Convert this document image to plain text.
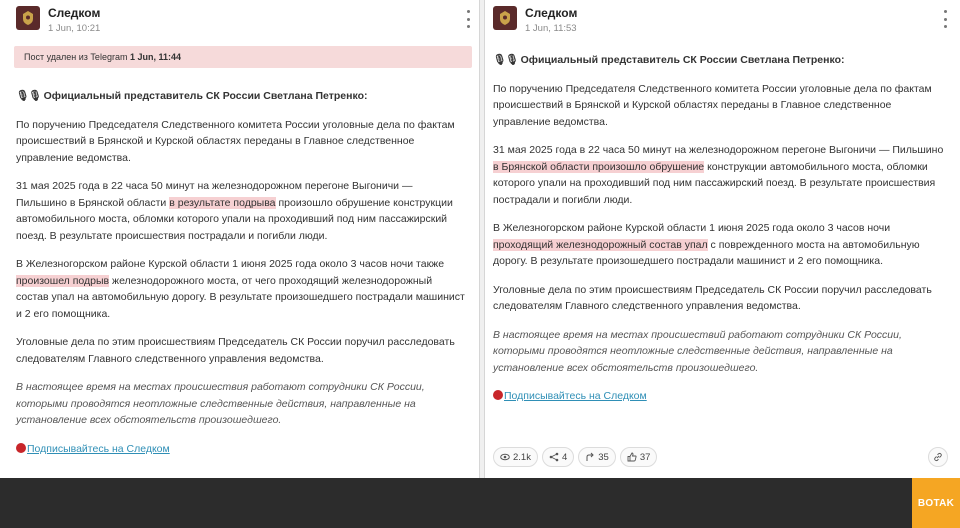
Следком
1 Jun, 10:21
Пост удален из Telegram 1 Jun, 11:44

🎙🎙 Официальный представитель СК России Светлана Петренко:

По поручению Председателя Следственного комитета России уголовные дела по фактам происшествий в Брянской и Курской областях переданы в Главное следственное управление ведомства.

31 мая 2025 года в 22 часа 50 минут на железнодорожном перегоне Выгоничи — Пильшино в Брянской области в результате подрыва произошло обрушение конструкции автомобильного моста, обломки которого упали на проходивший под ним пассажирский поезд. В результате происшествия пострадали и погибли люди.

В Железногорском районе Курской области 1 июня 2025 года около 3 часов ночи также произошел подрыв железнодорожного моста, от чего проходящий железнодорожный состав упал на автомобильную дорогу. В результате произошедшего пострадали машинист и 2 его помощника.

Уголовные дела по этим происшествиям Председатель СК России поручил расследовать следователям Главного следственного управления ведомства.

В настоящее время на местах происшествия работают сотрудники СК России, которыми проводятся неотложные следственные действия, направленные на установление всех обстоятельств произошедшего.

Подписывайтесь на Следком

Следком
1 Jun, 11:53

🎙🎙 Официальный представитель СК России Светлана Петренко:

По поручению Председателя Следственного комитета России уголовные дела по фактам происшествий в Брянской и Курской областях переданы в Главное следственное управление ведомства.

31 мая 2025 года в 22 часа 50 минут на железнодорожном перегоне Выгоничи — Пильшино в Брянской области произошло обрушение конструкции автомобильного моста, обломки которого упали на проходивший под ним пассажирский поезд. В результате происшествия пострадали и погибли люди.

В Железногорском районе Курской области 1 июня 2025 года около 3 часов ночи проходящий железнодорожный состав упал с поврежденного моста на автомобильную дорогу. В результате произошедшего пострадали машинист и 2 его помощника.

Уголовные дела по этим происшествиям Председатель СК России поручил расследовать следователям Главного следственного управления ведомства.

В настоящее время на местах происшествий работают сотрудники СК России, которыми проводятся неотложные следственные действия, направленные на установление всех обстоятельств произошедшего.

Подписывайтесь на Следком

2.1k	4	35	37
BOTAK
